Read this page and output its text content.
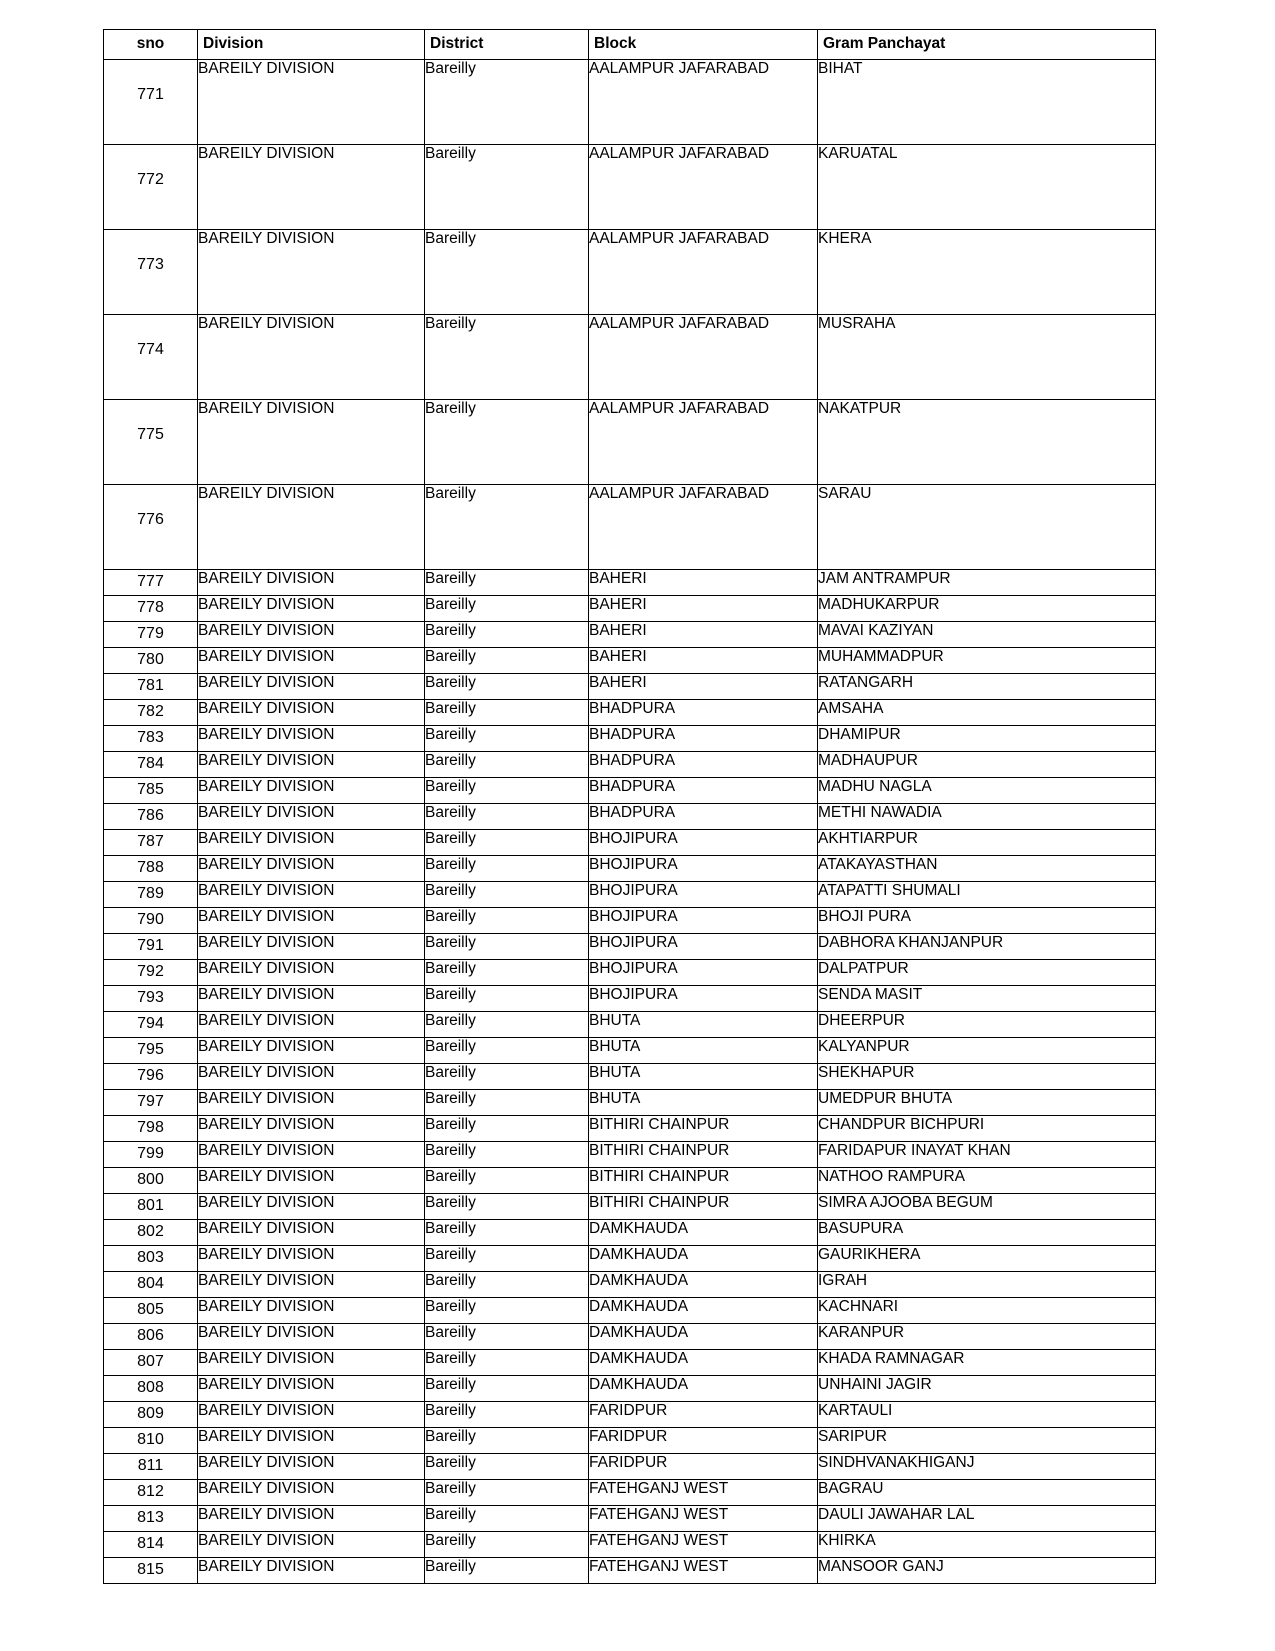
sno	Division	District	Block	Gram Panchayat
771	BAREILY DIVISION	Bareilly	AALAMPUR JAFARABAD	BIHAT
772	BAREILY DIVISION	Bareilly	AALAMPUR JAFARABAD	KARUATAL
773	BAREILY DIVISION	Bareilly	AALAMPUR JAFARABAD	KHERA
774	BAREILY DIVISION	Bareilly	AALAMPUR JAFARABAD	MUSRAHA
775	BAREILY DIVISION	Bareilly	AALAMPUR JAFARABAD	NAKATPUR
776	BAREILY DIVISION	Bareilly	AALAMPUR JAFARABAD	SARAU
777	BAREILY DIVISION	Bareilly	BAHERI	JAM ANTRAMPUR
778	BAREILY DIVISION	Bareilly	BAHERI	MADHUKARPUR
779	BAREILY DIVISION	Bareilly	BAHERI	MAVAI KAZIYAN
780	BAREILY DIVISION	Bareilly	BAHERI	MUHAMMADPUR
781	BAREILY DIVISION	Bareilly	BAHERI	RATANGARH
782	BAREILY DIVISION	Bareilly	BHADPURA	AMSAHA
783	BAREILY DIVISION	Bareilly	BHADPURA	DHAMIPUR
784	BAREILY DIVISION	Bareilly	BHADPURA	MADHAUPUR
785	BAREILY DIVISION	Bareilly	BHADPURA	MADHU NAGLA
786	BAREILY DIVISION	Bareilly	BHADPURA	METHI NAWADIA
787	BAREILY DIVISION	Bareilly	BHOJIPURA	AKHTIARPUR
788	BAREILY DIVISION	Bareilly	BHOJIPURA	ATAKAYASTHAN
789	BAREILY DIVISION	Bareilly	BHOJIPURA	ATAPATTI SHUMALI
790	BAREILY DIVISION	Bareilly	BHOJIPURA	BHOJI PURA
791	BAREILY DIVISION	Bareilly	BHOJIPURA	DABHORA KHANJANPUR
792	BAREILY DIVISION	Bareilly	BHOJIPURA	DALPATPUR
793	BAREILY DIVISION	Bareilly	BHOJIPURA	SENDA MASIT
794	BAREILY DIVISION	Bareilly	BHUTA	DHEERPUR
795	BAREILY DIVISION	Bareilly	BHUTA	KALYANPUR
796	BAREILY DIVISION	Bareilly	BHUTA	SHEKHAPUR
797	BAREILY DIVISION	Bareilly	BHUTA	UMEDPUR BHUTA
798	BAREILY DIVISION	Bareilly	BITHIRI CHAINPUR	CHANDPUR BICHPURI
799	BAREILY DIVISION	Bareilly	BITHIRI CHAINPUR	FARIDAPUR INAYAT KHAN
800	BAREILY DIVISION	Bareilly	BITHIRI CHAINPUR	NATHOO RAMPURA
801	BAREILY DIVISION	Bareilly	BITHIRI CHAINPUR	SIMRA AJOOBA BEGUM
802	BAREILY DIVISION	Bareilly	DAMKHAUDA	BASUPURA
803	BAREILY DIVISION	Bareilly	DAMKHAUDA	GAURIKHERA
804	BAREILY DIVISION	Bareilly	DAMKHAUDA	IGRAH
805	BAREILY DIVISION	Bareilly	DAMKHAUDA	KACHNARI
806	BAREILY DIVISION	Bareilly	DAMKHAUDA	KARANPUR
807	BAREILY DIVISION	Bareilly	DAMKHAUDA	KHADA RAMNAGAR
808	BAREILY DIVISION	Bareilly	DAMKHAUDA	UNHAINI JAGIR
809	BAREILY DIVISION	Bareilly	FARIDPUR	KARTAULI
810	BAREILY DIVISION	Bareilly	FARIDPUR	SARIPUR
811	BAREILY DIVISION	Bareilly	FARIDPUR	SINDHVANAKHIGANJ
812	BAREILY DIVISION	Bareilly	FATEHGANJ WEST	BAGRAU
813	BAREILY DIVISION	Bareilly	FATEHGANJ WEST	DAULI JAWAHAR LAL
814	BAREILY DIVISION	Bareilly	FATEHGANJ WEST	KHIRKA
815	BAREILY DIVISION	Bareilly	FATEHGANJ WEST	MANSOOR GANJ
